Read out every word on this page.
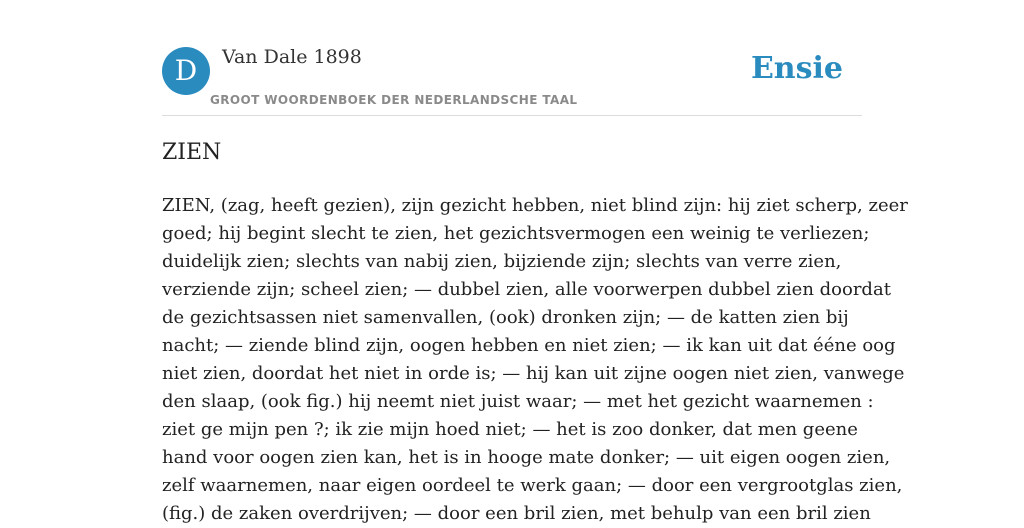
D Van Dale 1898
GROOT WOORDENBOEK DER NEDERLANDSCHE TAAL
Ensie
ZIEN
ZIEN, (zag, heeft gezien), zijn gezicht hebben, niet blind zijn: hij ziet scherp, zeer
goed; hij begint slecht te zien, het gezichtsvermogen een weinig te verliezen;
duidelijk zien; slechts van nabij zien, bijziende zijn; slechts van verre zien,
verziende zijn; scheel zien; — dubbel zien, alle voorwerpen dubbel zien doordat
de gezichtsassen niet samenvallen, (ook) dronken zijn; — de katten zien bij
nacht; — ziende blind zijn, oogen hebben en niet zien; — ik kan uit dat ééne oog
niet zien, doordat het niet in orde is; — hij kan uit zijne oogen niet zien, vanwege
den slaap, (ook fig.) hij neemt niet juist waar; — met het gezicht waarnemen :
ziet ge mijn pen ?; ik zie mijn hoed niet; — het is zoo donker, dat men geene
hand voor oogen zien kan, het is in hooge mate donker; — uit eigen oogen zien,
zelf waarnemen, naar eigen oordeel te werk gaan; — door een vergrootglas zien,
(fig.) de zaken overdrijven; — door een bril zien, met behulp van een bril zien
